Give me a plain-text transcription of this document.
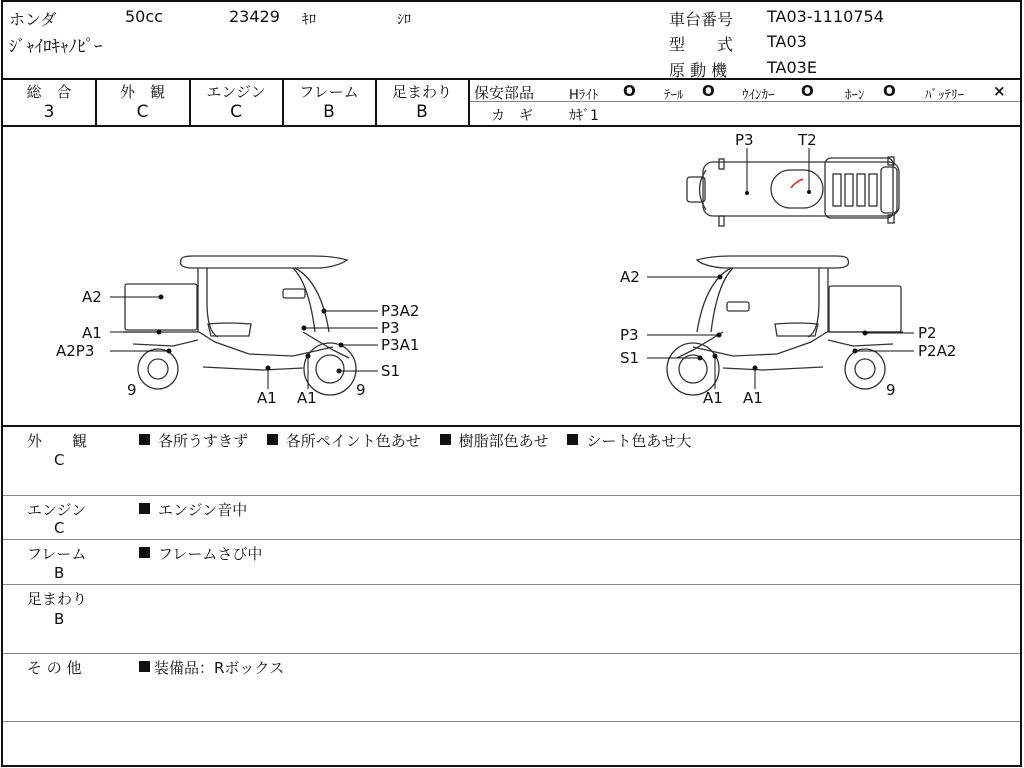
ホンダ	50cc	23429 ｷﾛ	ｼﾛ
ｼﾞｬｲﾛｷｬﾉﾋﾟｰ
車台番号 TA03-1110754
型　　式 TA03
原 動 機 TA03E
総　合
3
外　観
C
エンジン
C
フレーム
B
足まわり
B
保安部品	Hﾗｲﾄ O ﾃｰﾙ O ｳｲﾝｶｰ O ﾎｰﾝ O ﾊﾞｯﾃﾘｰ ×
カ　ギ	ｶｷﾞ1
P3	T2
A2
P3A2
A1	P3
A2P3	P3A1
S1
9	A1 A1	9
A2
P3	P2
S1	P2A2
A1 A1	9
外　　観
C
各所うすきず	各所ペイント色あせ	樹脂部色あせ	シート色あせ大
エンジン
C
エンジン音中
フレーム
B
フレームさび中
足まわり
B
そ の 他	装備品：Rボックス
